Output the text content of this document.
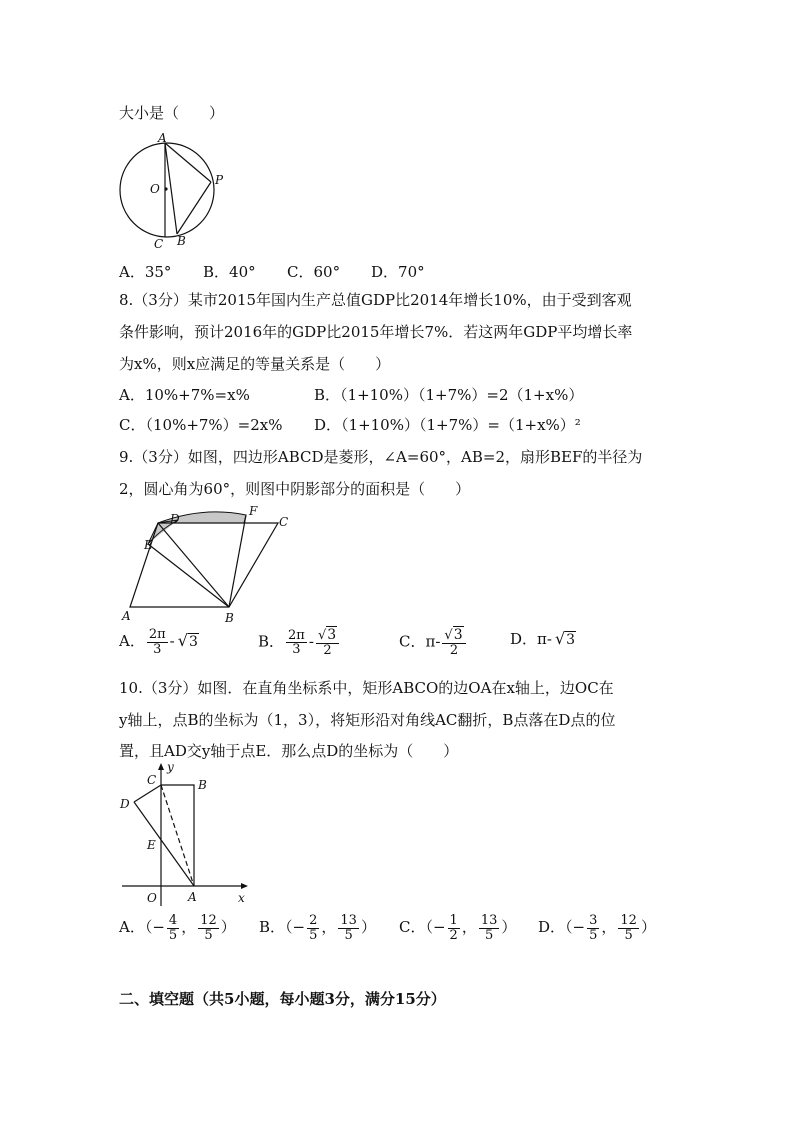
大小是（　　）
A
O
P
C B
A．35° B．40° C．60° D．70°
8.（3分）某市2015年国内生产总值GDP比2014年增长10%，由于受到客观
条件影响，预计2016年的GDP比2015年增长7%．若这两年GDP平均增长率
为x%，则x应满足的等量关系是（　　）
A．10%+7%=x%	B．（1+10%）（1+7%）=2（1+x%）
C．（10%+7%）=2x% D．（1+10%）（1+7%）=（1+x%）²
9.（3分）如图，四边形ABCD是菱形，∠A=60°，AB=2，扇形BEF的半径为
2，圆心角为60°，则图中阴影部分的面积是（　　）
D
F
C
E
A	B
A． $\frac{2\pi}{3} - √3$	B． $\frac{2\pi}{3} - \frac{√3}{2}$	C．$\pi- \frac{√3}{2}$	D．π- √3
10.（3分）如图．在直角坐标系中，矩形ABCO的边OA在x轴上，边OC在
y轴上，点B的坐标为（1，3），将矩形沿对角线AC翻折，B点落在D点的位
置，且AD交y轴于点E．那么点D的坐标为（　　）
C
y
B
D
E
O	A	x
A．（− $\frac{4}{5}$ ， $\frac{12}{5}$ ） B．（− $\frac{2}{5}$ ， $\frac{13}{5}$ ） C．（− $\frac{1}{2}$ ， $\frac{13}{5}$ ） D．（− $\frac{3}{5}$ ， $\frac{12}{5}$ ）
二、填空题（共5小题，每小题3分，满分15分）
